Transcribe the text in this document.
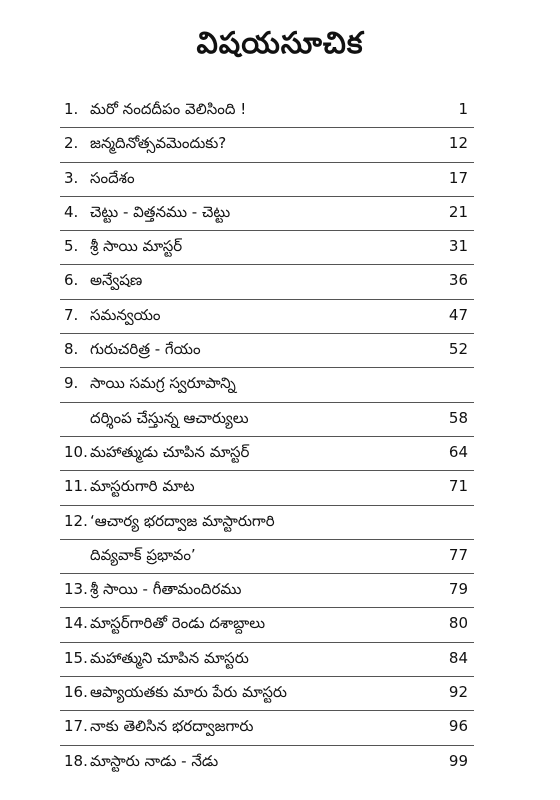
విషయసూచిక
1. మరో నందదీపం వెలిసింది !	1
2. జన్మదినోత్సవమెందుకు?	12
3. సందేశం	17
4. చెట్టు - విత్తనము - చెట్టు	21
5. శ్రీ సాయి మాస్టర్	31
6. అన్వేషణ	36
7. సమన్వయం	47
8. గురుచరిత్ర - గేయం	52
9. సాయి సమగ్ర స్వరూపాన్ని
దర్శింప చేస్తున్న ఆచార్యులు	58
10. మహాత్ముడు చూపిన మాస్టర్	64
11. మాస్టరుగారి మాట	71
12. ‘ఆచార్య భరద్వాజ మాస్టారుగారి
దివ్యవాక్ ప్రభావం’	77
13. శ్రీ సాయి - గీతామందిరము	79
14. మాస్టర్‌గారితో రెండు దశాబ్దాలు	80
15. మహాత్ముని చూపిన మాస్టరు	84
16. ఆప్యాయతకు మారు పేరు మాస్టరు	92
17. నాకు తెలిసిన భరద్వాజగారు	96
18. మాస్టారు నాడు - నేడు	99
